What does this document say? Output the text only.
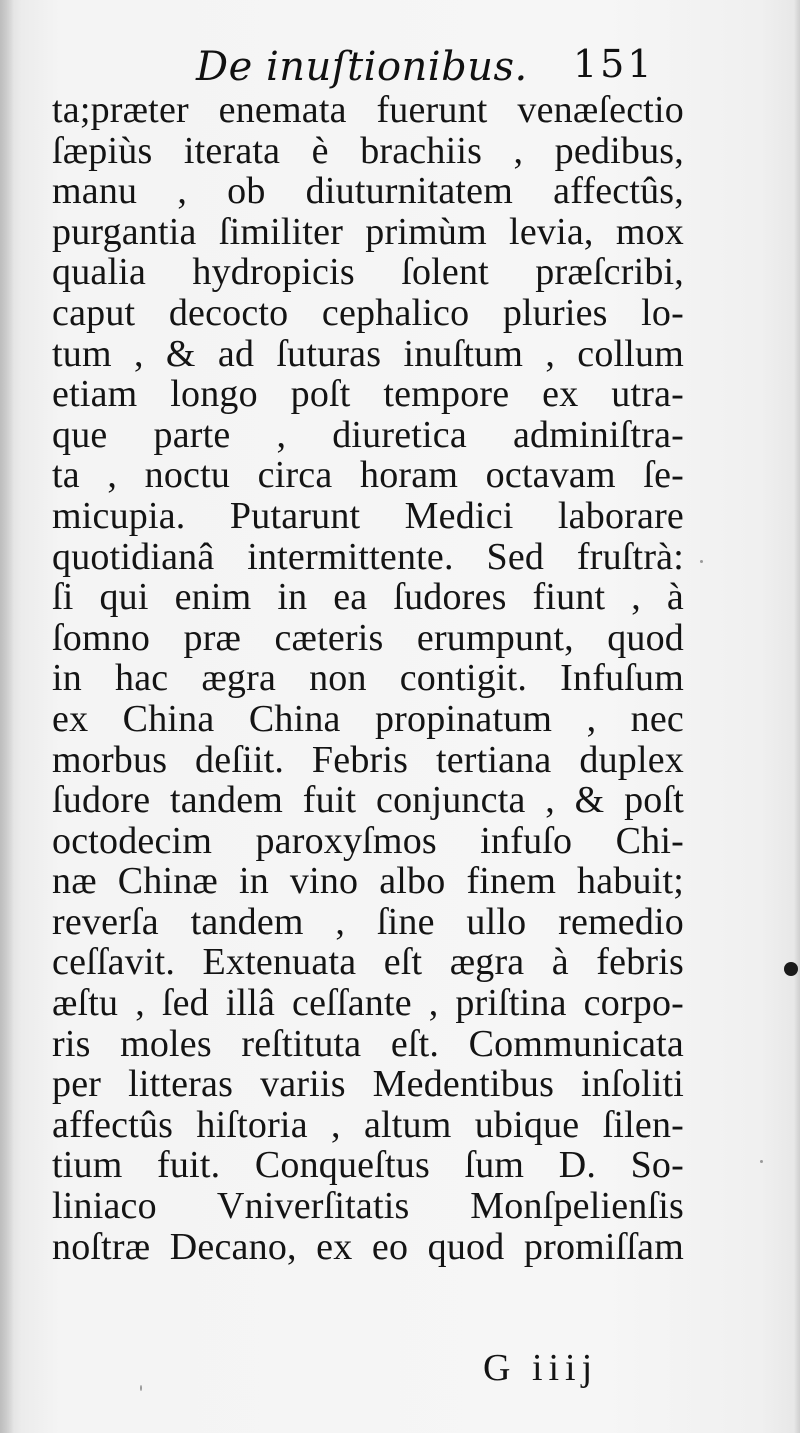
De inuſtionibus. 151
ta;præter enemata fuerunt venæſectio
ſæpiùs iterata è brachiis , pedibus,
manu , ob diuturnitatem affectûs,
purgantia ſimiliter primùm levia, mox
qualia hydropicis ſolent præſcribi,
caput decocto cephalico pluries lo-
tum , & ad ſuturas inuſtum , collum
etiam longo poſt tempore ex utra-
que parte , diuretica adminiſtra-
ta , noctu circa horam octavam ſe-
micupia. Putarunt Medici laborare
quotidianâ intermittente. Sed fruſtrà:
ſi qui enim in ea ſudores fiunt , à
ſomno præ cæteris erumpunt, quod
in hac ægra non contigit. Infuſum
ex China China propinatum , nec
morbus deſiit. Febris tertiana duplex
ſudore tandem fuit conjuncta , & poſt
octodecim paroxyſmos infuſo Chi-
næ Chinæ in vino albo finem habuit;
reverſa tandem , ſine ullo remedio
ceſſavit. Extenuata eſt ægra à febris
æſtu , ſed illâ ceſſante , priſtina corpo-
ris moles reſtituta eſt. Communicata
per litteras variis Medentibus inſoliti
affectûs hiſtoria , altum ubique ſilen-
tium fuit. Conqueſtus ſum D. So-
liniaco Vniverſitatis Monſpelienſis
noſtræ Decano, ex eo quod promiſſam
G iiij
